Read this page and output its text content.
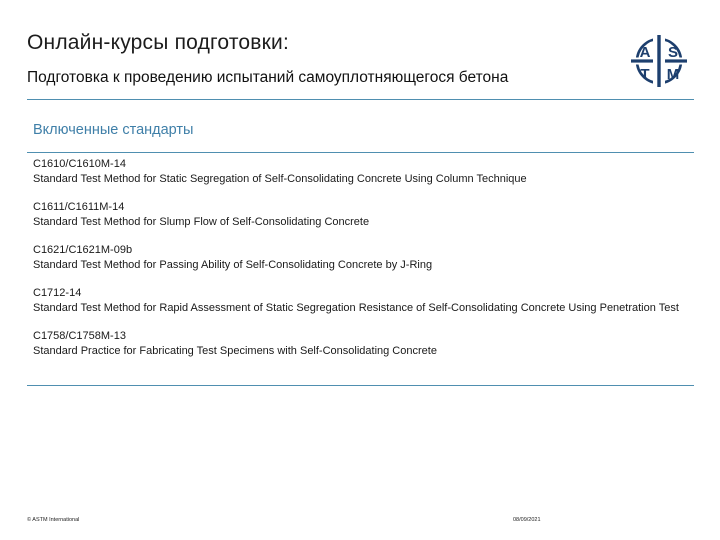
Онлайн-курсы подготовки:
Подготовка к проведению испытаний самоуплотняющегося бетона
A S
T M
Включенные стандарты
C1610/C1610M-14
Standard Test Method for Static Segregation of Self-Consolidating Concrete Using Column Technique
C1611/C1611M-14
Standard Test Method for Slump Flow of Self-Consolidating Concrete
C1621/C1621M-09b
Standard Test Method for Passing Ability of Self-Consolidating Concrete by J-Ring
C1712-14
Standard Test Method for Rapid Assessment of Static Segregation Resistance of Self-Consolidating Concrete Using Penetration Test
C1758/C1758M-13
Standard Practice for Fabricating Test Specimens with Self-Consolidating Concrete
© ASTM International	08/09/2021
